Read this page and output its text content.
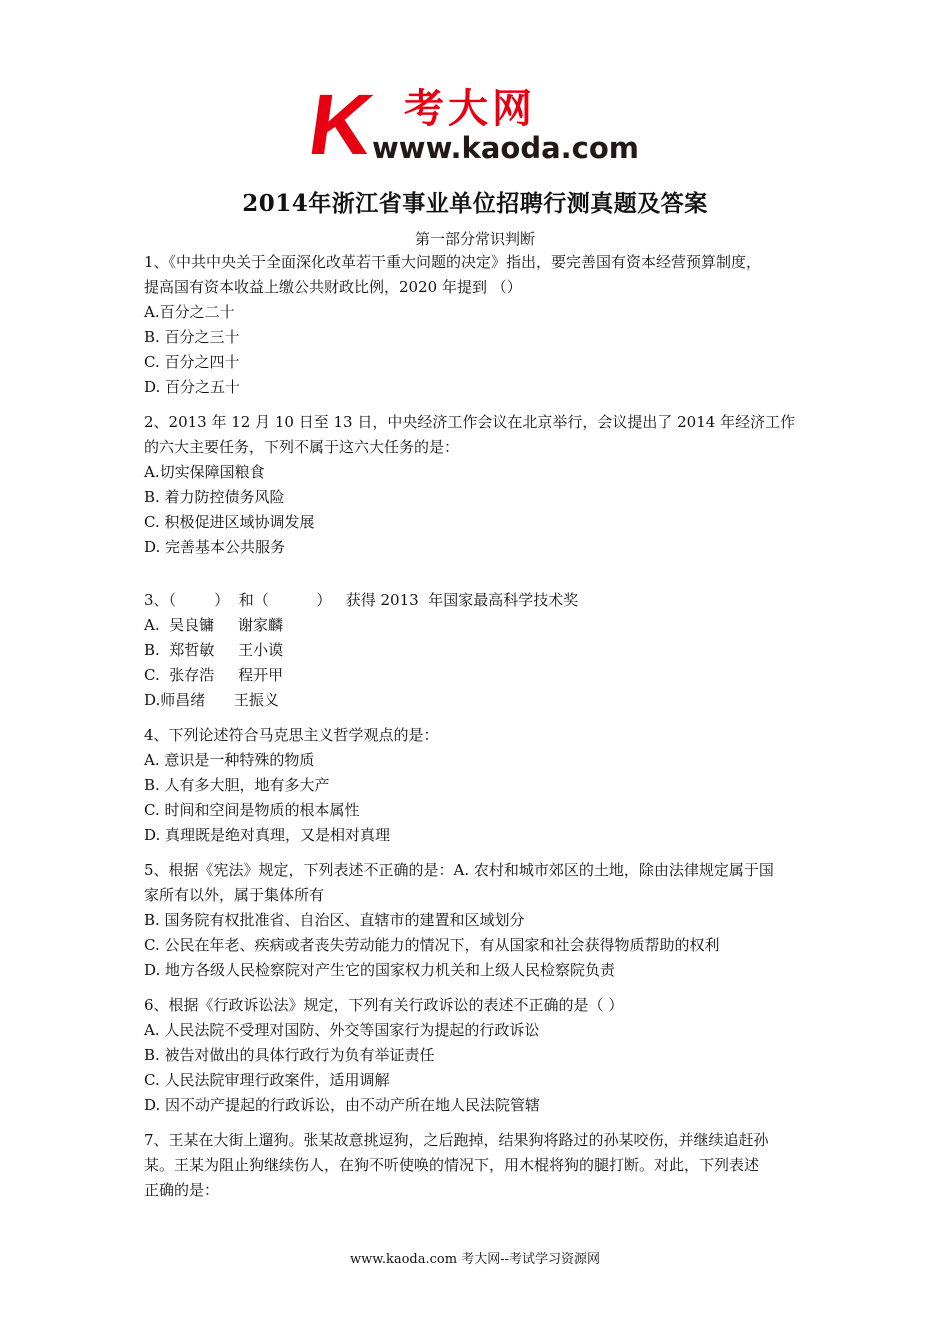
K 考大网
www.kaoda.com
2014年浙江省事业单位招聘行测真题及答案
第一部分常识判断
1、《中共中央关于全面深化改革若干重大问题的决定》指出，要完善国有资本经营预算制度，
提高国有资本收益上缴公共财政比例，2020 年提到 （）
A.百分之二十
B. 百分之三十
C. 百分之四十
D. 百分之五十
2、2013 年 12 月 10 日至 13 日，中央经济工作会议在北京举行，会议提出了 2014 年经济工作
的六大主要任务，下列不属于这六大任务的是：
A.切实保障国粮食
B. 着力防控债务风险
C. 积极促进区域协调发展
D. 完善基本公共服务
3、（        ）  和（          ）   获得 2013  年国家最高科学技术奖
A.  吴良镛     谢家麟
B.  郑哲敏     王小谟
C.  张存浩     程开甲
D.师昌绪      王振义
4、下列论述符合马克思主义哲学观点的是：
A. 意识是一种特殊的物质
B. 人有多大胆，地有多大产
C. 时间和空间是物质的根本属性
D. 真理既是绝对真理，又是相对真理
5、根据《宪法》规定，下列表述不正确的是：A. 农村和城市郊区的土地，除由法律规定属于国
家所有以外，属于集体所有
B. 国务院有权批准省、自治区、直辖市的建置和区域划分
C. 公民在年老、疾病或者丧失劳动能力的情况下，有从国家和社会获得物质帮助的权利
D. 地方各级人民检察院对产生它的国家权力机关和上级人民检察院负责
6、根据《行政诉讼法》规定，下列有关行政诉讼的表述不正确的是（ ）
A. 人民法院不受理对国防、外交等国家行为提起的行政诉讼
B. 被告对做出的具体行政行为负有举证责任
C. 人民法院审理行政案件，适用调解
D. 因不动产提起的行政诉讼，由不动产所在地人民法院管辖
7、王某在大街上遛狗。张某故意挑逗狗，之后跑掉，结果狗将路过的孙某咬伤，并继续追赶孙
某。王某为阻止狗继续伤人，在狗不听使唤的情况下，用木棍将狗的腿打断。对此，下列表述
正确的是：
www.kaoda.com 考大网--考试学习资源网
